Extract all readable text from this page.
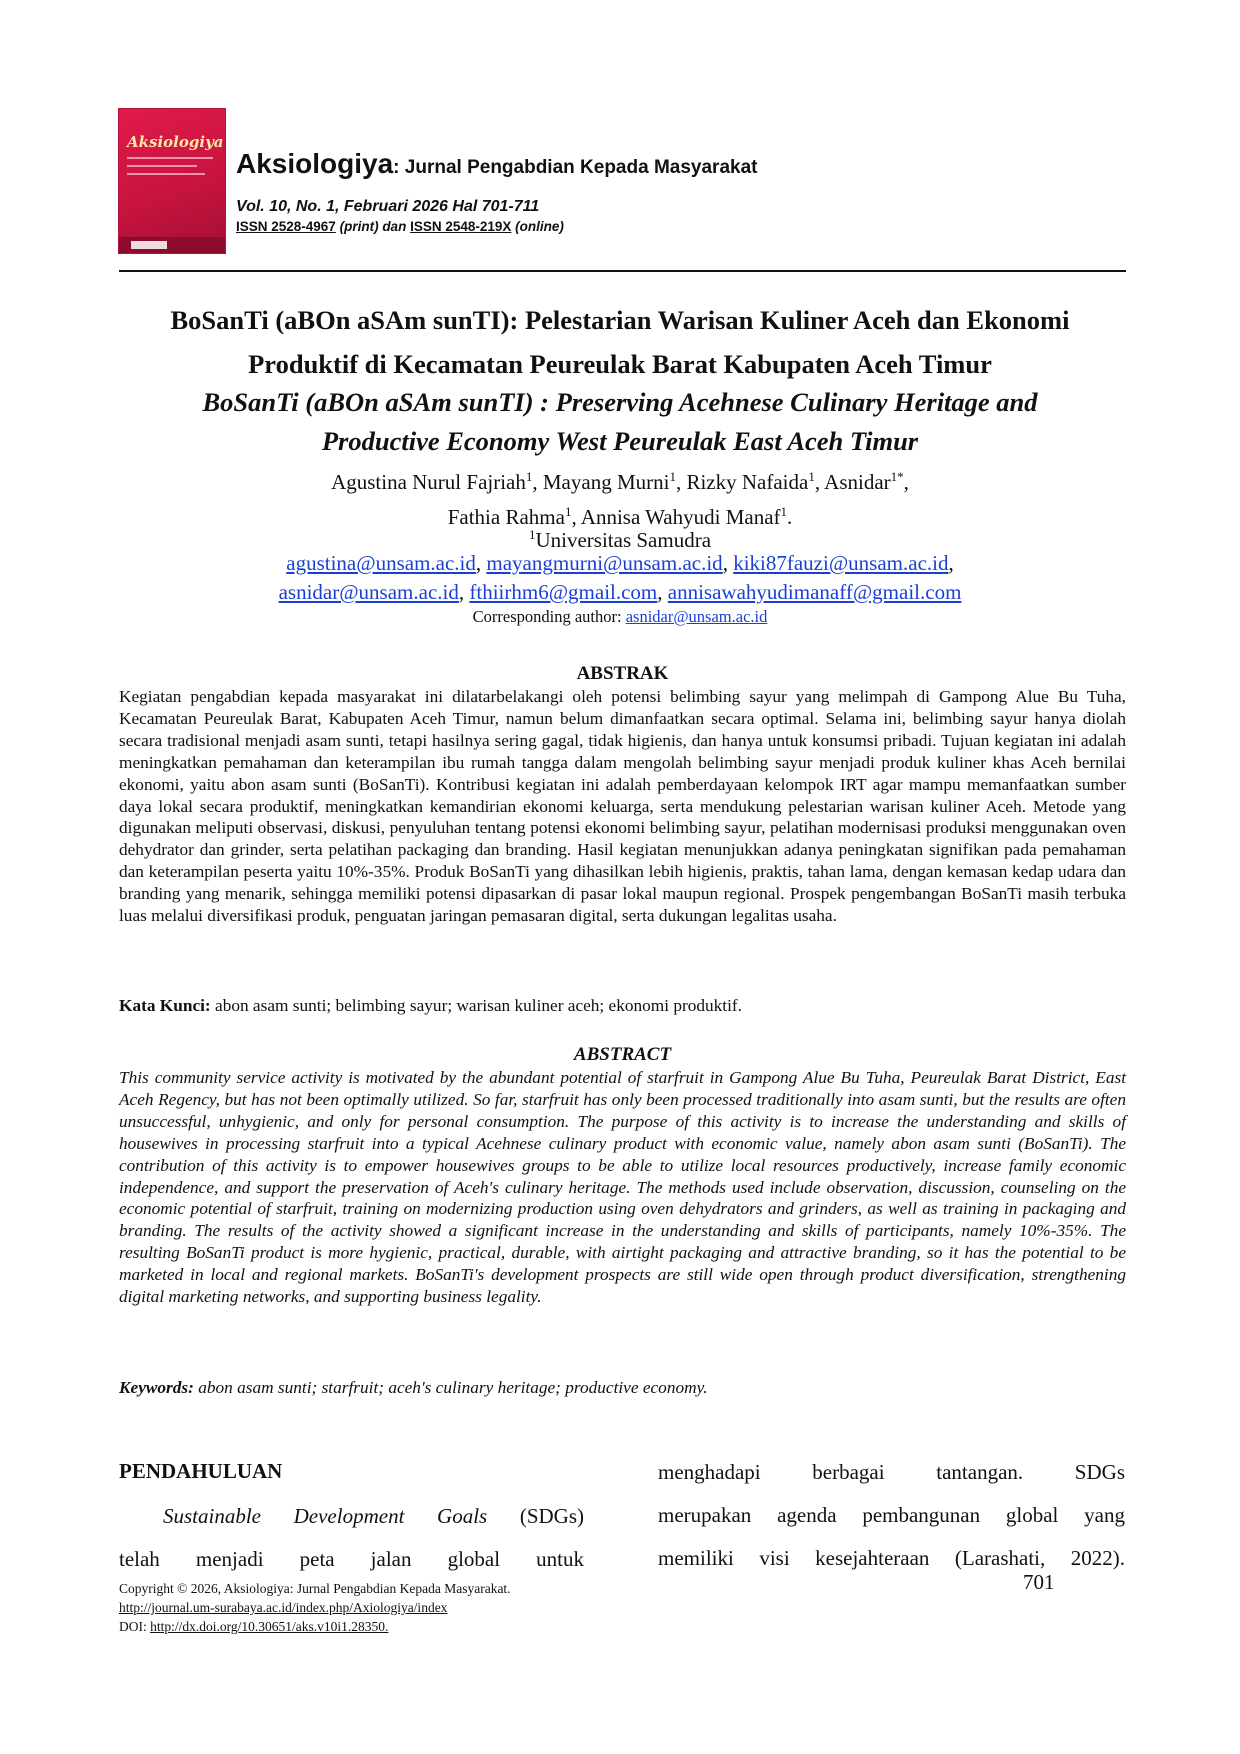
Aksiologiya
Aksiologiya: Jurnal Pengabdian Kepada Masyarakat
Vol. 10, No. 1, Februari 2026 Hal 701-711
ISSN 2528-4967 (print) dan ISSN 2548-219X (online)
BoSanTi (aBOn aSAm sunTI): Pelestarian Warisan Kuliner Aceh dan Ekonomi
Produktif di Kecamatan Peureulak Barat Kabupaten Aceh Timur
BoSanTi (aBOn aSAm sunTI) : Preserving Acehnese Culinary Heritage and
Productive Economy West Peureulak East Aceh Timur
Agustina Nurul Fajriah$^1$, Mayang Murni$^1$, Rizky Nafaida$^1$, Asnidar$^{1*}$,
Fathia Rahma$^1$, Annisa Wahyudi Manaf$^1$.
$^1$Universitas Samudra
agustina@unsam.ac.id, mayangmurni@unsam.ac.id, kiki87fauzi@unsam.ac.id,
asnidar@unsam.ac.id, fthiirhm6@gmail.com, annisawahyudimanaff@gmail.com
Corresponding author: asnidar@unsam.ac.id
ABSTRAK
Kegiatan pengabdian kepada masyarakat ini dilatarbelakangi oleh potensi belimbing sayur yang melimpah di Gampong Alue Bu Tuha, Kecamatan Peureulak Barat, Kabupaten Aceh Timur, namun belum dimanfaatkan secara optimal. Selama ini, belimbing sayur hanya diolah secara tradisional menjadi asam sunti, tetapi hasilnya sering gagal, tidak higienis, dan hanya untuk konsumsi pribadi. Tujuan kegiatan ini adalah meningkatkan pemahaman dan keterampilan ibu rumah tangga dalam mengolah belimbing sayur menjadi produk kuliner khas Aceh bernilai ekonomi, yaitu abon asam sunti (BoSanTi). Kontribusi kegiatan ini adalah pemberdayaan kelompok IRT agar mampu memanfaatkan sumber daya lokal secara produktif, meningkatkan kemandirian ekonomi keluarga, serta mendukung pelestarian warisan kuliner Aceh. Metode yang digunakan meliputi observasi, diskusi, penyuluhan tentang potensi ekonomi belimbing sayur, pelatihan modernisasi produksi menggunakan oven dehydrator dan grinder, serta pelatihan packaging dan branding. Hasil kegiatan menunjukkan adanya peningkatan signifikan pada pemahaman dan keterampilan peserta yaitu 10%-35%. Produk BoSanTi yang dihasilkan lebih higienis, praktis, tahan lama, dengan kemasan kedap udara dan branding yang menarik, sehingga memiliki potensi dipasarkan di pasar lokal maupun regional. Prospek pengembangan BoSanTi masih terbuka luas melalui diversifikasi produk, penguatan jaringan pemasaran digital, serta dukungan legalitas usaha.
Kata Kunci: abon asam sunti; belimbing sayur; warisan kuliner aceh; ekonomi produktif.
ABSTRACT
This community service activity is motivated by the abundant potential of starfruit in Gampong Alue Bu Tuha, Peureulak Barat District, East Aceh Regency, but has not been optimally utilized. So far, starfruit has only been processed traditionally into asam sunti, but the results are often unsuccessful, unhygienic, and only for personal consumption. The purpose of this activity is to increase the understanding and skills of housewives in processing starfruit into a typical Acehnese culinary product with economic value, namely abon asam sunti (BoSanTi). The contribution of this activity is to empower housewives groups to be able to utilize local resources productively, increase family economic independence, and support the preservation of Aceh's culinary heritage. The methods used include observation, discussion, counseling on the economic potential of starfruit, training on modernizing production using oven dehydrators and grinders, as well as training in packaging and branding. The results of the activity showed a significant increase in the understanding and skills of participants, namely 10%-35%. The resulting BoSanTi product is more hygienic, practical, durable, with airtight packaging and attractive branding, so it has the potential to be marketed in local and regional markets. BoSanTi's development prospects are still wide open through product diversification, strengthening digital marketing networks, and supporting business legality.
Keywords: abon asam sunti; starfruit; aceh's culinary heritage; productive economy.
PENDAHULUAN
Sustainable Development Goals (SDGs)
telah menjadi peta jalan global untuk
menghadapi berbagai tantangan. SDGs
merupakan agenda pembangunan global yang
memiliki visi kesejahteraan (Larashati, 2022).
Copyright © 2026, Aksiologiya: Jurnal Pengabdian Kepada Masyarakat.
http://journal.um-surabaya.ac.id/index.php/Axiologiya/index
DOI: http://dx.doi.org/10.30651/aks.v10i1.28350.
701
